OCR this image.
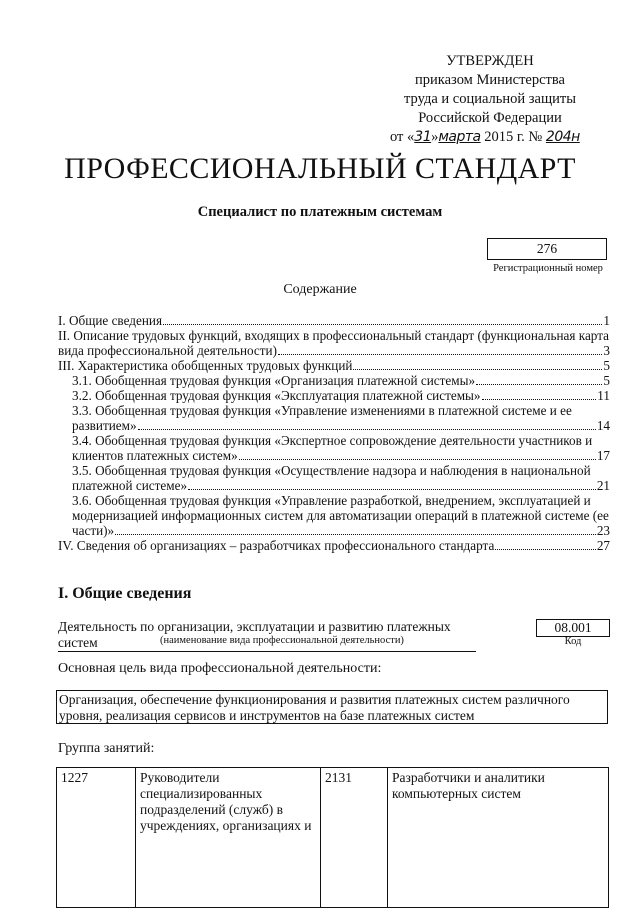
УТВЕРЖДЕН
приказом Министерства
труда и социальной защиты
Российской Федерации
от «31»марта 2015 г. № 204н
ПРОФЕССИОНАЛЬНЫЙ СТАНДАРТ
Специалист по платежным системам
276
Регистрационный номер
Содержание
I. Общие сведения	1
II. Описание трудовых функций, входящих в профессиональный стандарт (функциональная карта
вида профессиональной деятельности)	3
III. Характеристика обобщенных трудовых функций	5
3.1. Обобщенная трудовая функция «Организация платежной системы»	5
3.2. Обобщенная трудовая функция «Эксплуатация платежной системы»	11
3.3. Обобщенная трудовая функция «Управление изменениями в платежной системе и ее
развитием»	14
3.4. Обобщенная трудовая функция «Экспертное сопровождение деятельности участников и
клиентов платежных систем»	17
3.5. Обобщенная трудовая функция «Осуществление надзора и наблюдения в национальной
платежной системе»	21
3.6. Обобщенная трудовая функция «Управление разработкой, внедрением, эксплуатацией и
модернизацией информационных систем для автоматизации операций в платежной системе (ее
части)»	23
IV. Сведения об организациях – разработчиках профессионального стандарта	27
I. Общие сведения
Деятельность по организации, эксплуатации и развитию платежных систем	(наименование вида профессиональной деятельности)
08.001
Код
Основная цель вида профессиональной деятельности:
Организация, обеспечение функционирования и развития платежных систем различного уровня, реализация сервисов и инструментов на базе платежных систем
Группа занятий:
1227	Руководители специализированных подразделений (служб) в учреждениях, организациях и	2131	Разработчики и аналитики компьютерных систем
